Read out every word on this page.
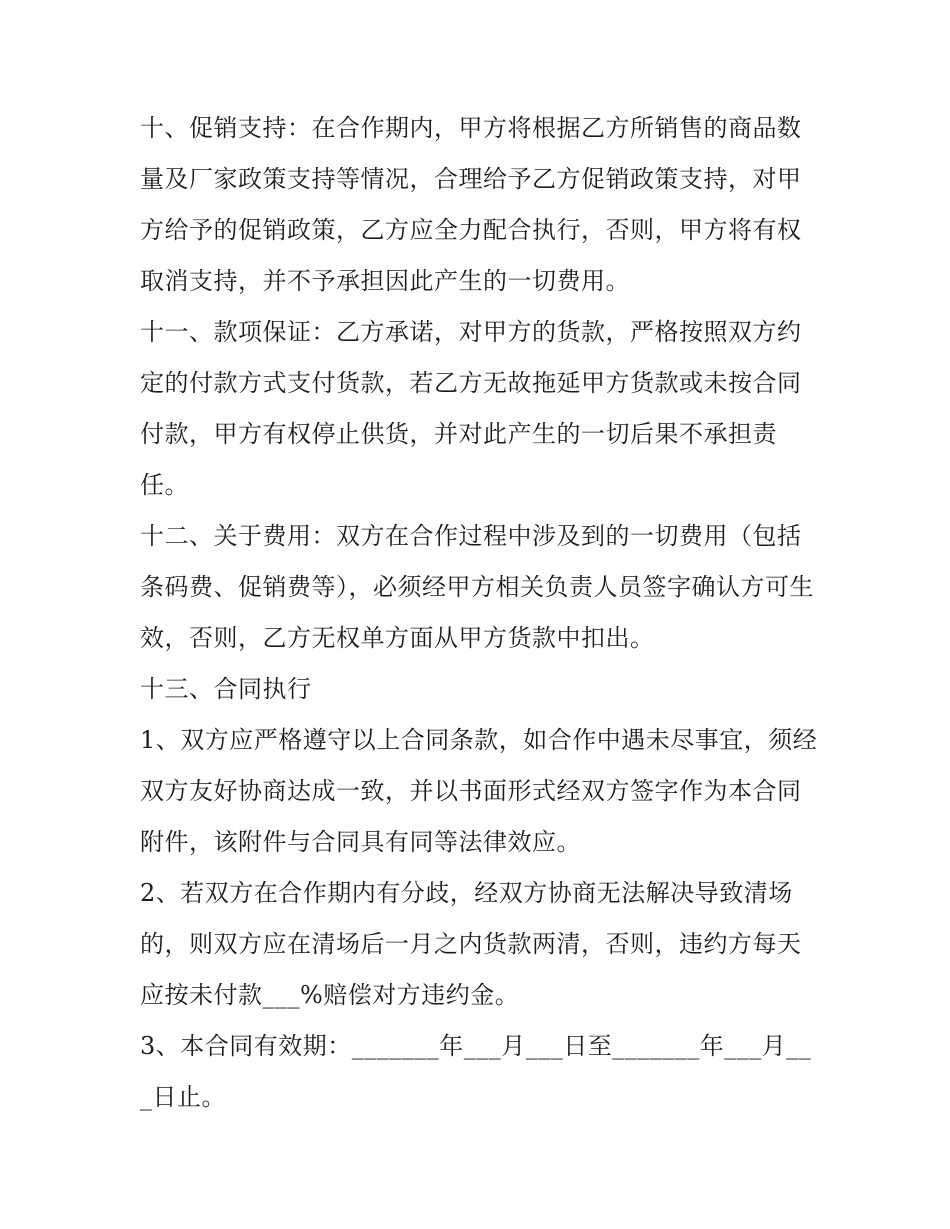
十、促销支持：在合作期内，甲方将根据乙方所销售的商品数量及厂家政策支持等情况，合理给予乙方促销政策支持，对甲方给予的促销政策，乙方应全力配合执行，否则，甲方将有权取消支持，并不予承担因此产生的一切费用。

十一、款项保证：乙方承诺，对甲方的货款，严格按照双方约定的付款方式支付货款，若乙方无故拖延甲方货款或未按合同付款，甲方有权停止供货，并对此产生的一切后果不承担责任。

十二、关于费用：双方在合作过程中涉及到的一切费用（包括条码费、促销费等），必须经甲方相关负责人员签字确认方可生效，否则，乙方无权单方面从甲方货款中扣出。

十三、合同执行

1、双方应严格遵守以上合同条款，如合作中遇未尽事宜，须经双方友好协商达成一致，并以书面形式经双方签字作为本合同附件，该附件与合同具有同等法律效应。

2、若双方在合作期内有分歧，经双方协商无法解决导致清场的，则双方应在清场后一月之内货款两清，否则，违约方每天应按未付款___%赔偿对方违约金。

3、本合同有效期：_______年___月___日至_______年___月___日止。
